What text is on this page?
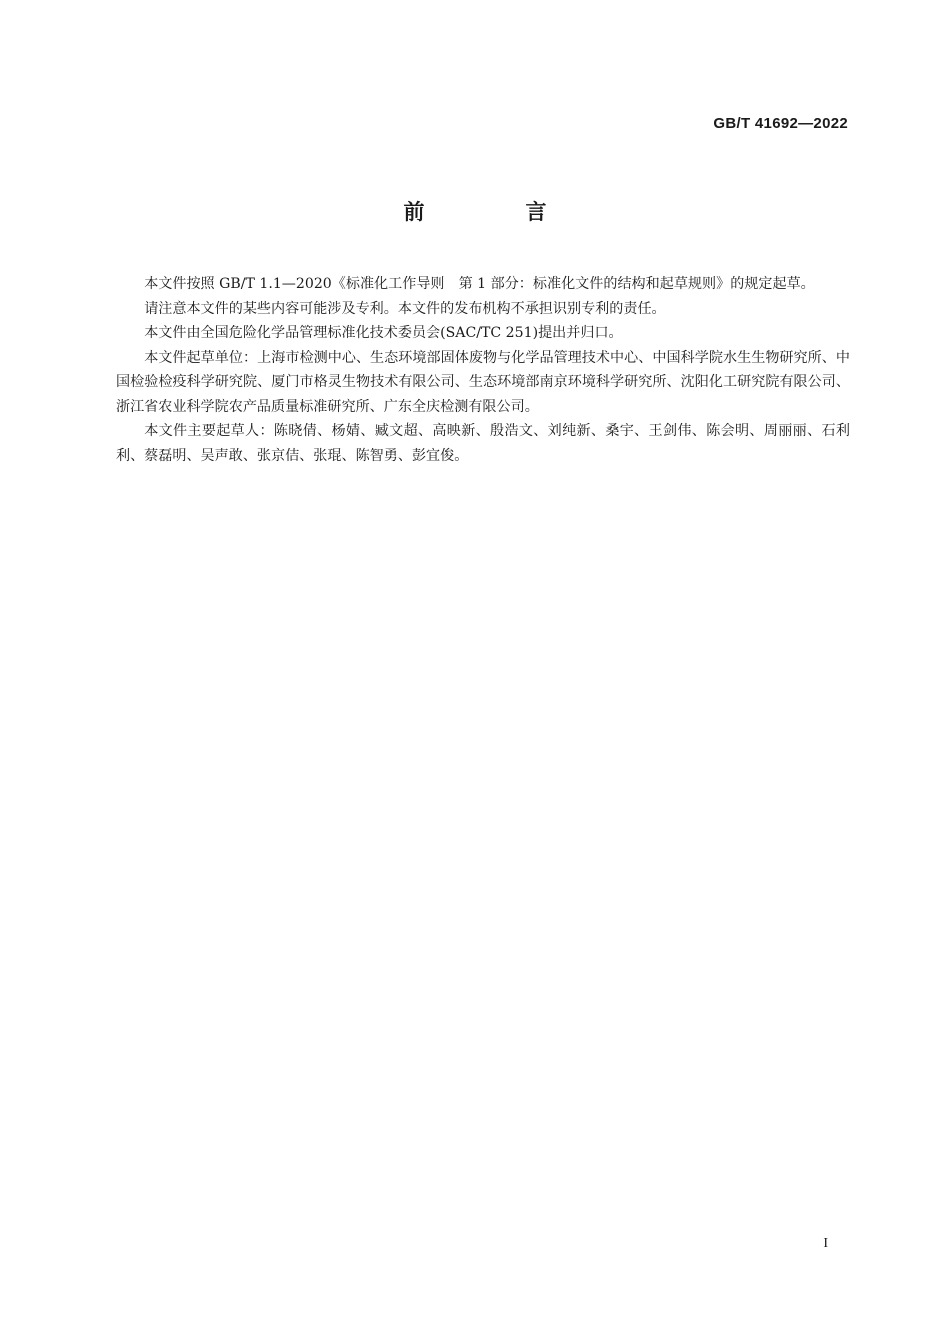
GB/T 41692—2022
前　言

本文件按照 GB/T 1.1—2020《标准化工作导则　第 1 部分：标准化文件的结构和起草规则》的规定起草。

请注意本文件的某些内容可能涉及专利。本文件的发布机构不承担识别专利的责任。

本文件由全国危险化学品管理标准化技术委员会(SAC/TC 251)提出并归口。

本文件起草单位：上海市检测中心、生态环境部固体废物与化学品管理技术中心、中国科学院水生生物研究所、中国检验检疫科学研究院、厦门市格灵生物技术有限公司、生态环境部南京环境科学研究所、沈阳化工研究院有限公司、浙江省农业科学院农产品质量标准研究所、广东全庆检测有限公司。

本文件主要起草人：陈晓倩、杨婧、臧文超、高映新、殷浩文、刘纯新、桑宇、王剑伟、陈会明、周丽丽、石利利、蔡磊明、吴声敢、张京佶、张琨、陈智勇、彭宜俊。

I
